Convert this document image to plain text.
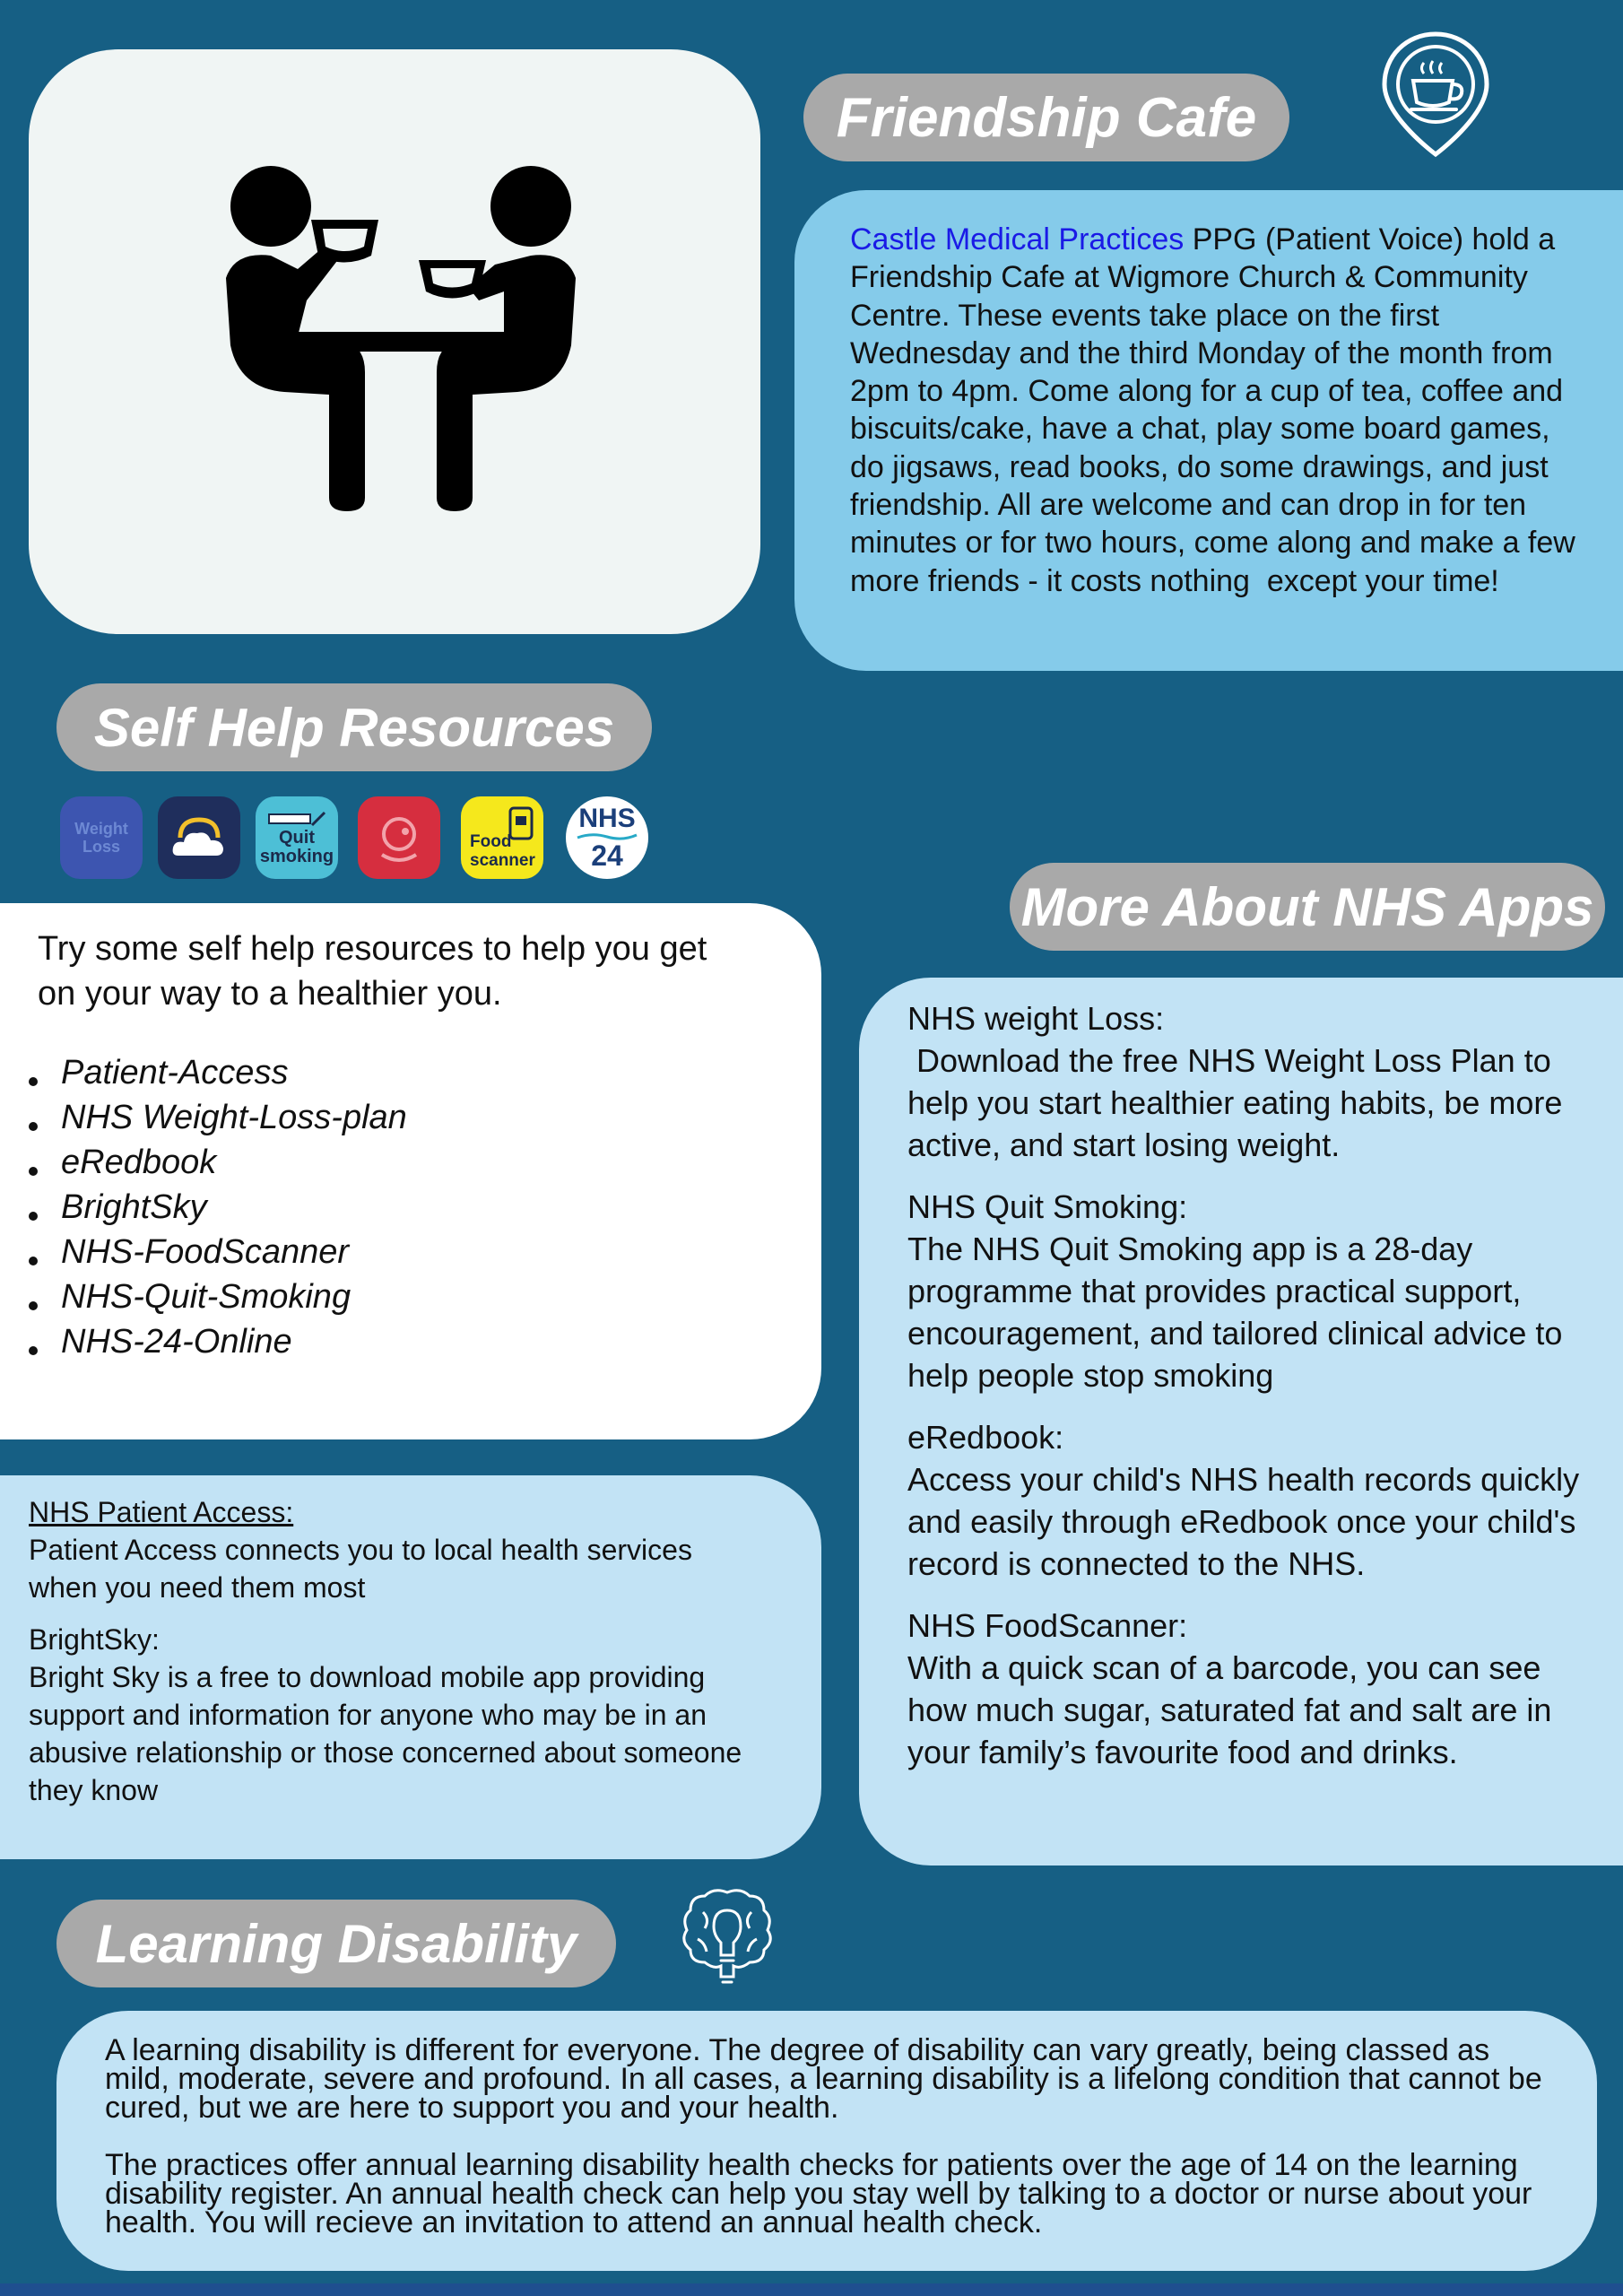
Friendship Cafe
Castle Medical Practices PPG (Patient Voice) hold a Friendship Cafe at Wigmore Church & Community Centre. These events take place on the first Wednesday and the third Monday of the month from 2pm to 4pm. Come along for a cup of tea, coffee and biscuits/cake, have a chat, play some board games, do jigsaws, read books, do some drawings, and just friendship. All are welcome and can drop in for ten minutes or for two hours, come along and make a few more friends - it costs nothing  except your time!
Self Help Resources
Weight
Loss	Quit
smoking
Food
scanner
NHS
24
Try some self help resources to help you get on your way to a healthier you.
Patient-Access
NHS Weight-Loss-plan
eRedbook
BrightSky
NHS-FoodScanner
NHS-Quit-Smoking
NHS-24-Online
NHS Patient Access:
Patient Access connects you to local health services when you need them most
BrightSky:
Bright Sky is a free to download mobile app providing support and information for anyone who may be in an abusive relationship or those concerned about someone they know
More About NHS Apps
NHS weight Loss:
Download the free NHS Weight Loss Plan to help you start healthier eating habits, be more active, and start losing weight.
NHS Quit Smoking:
The NHS Quit Smoking app is a 28-day programme that provides practical support, encouragement, and tailored clinical advice to help people stop smoking
eRedbook:
Access your child's NHS health records quickly and easily through eRedbook once your child's record is connected to the NHS.
NHS FoodScanner:
With a quick scan of a barcode, you can see how much sugar, saturated fat and salt are in your family’s favourite food and drinks.
Learning Disability
A learning disability is different for everyone. The degree of disability can vary greatly, being classed as mild, moderate, severe and profound. In all cases, a learning disability is a lifelong condition that cannot be cured, but we are here to support you and your health.
The practices offer annual learning disability health checks for patients over the age of 14 on the learning disability register. An annual health check can help you stay well by talking to a doctor or nurse about your health. You will recieve an invitation to attend an annual health check.
